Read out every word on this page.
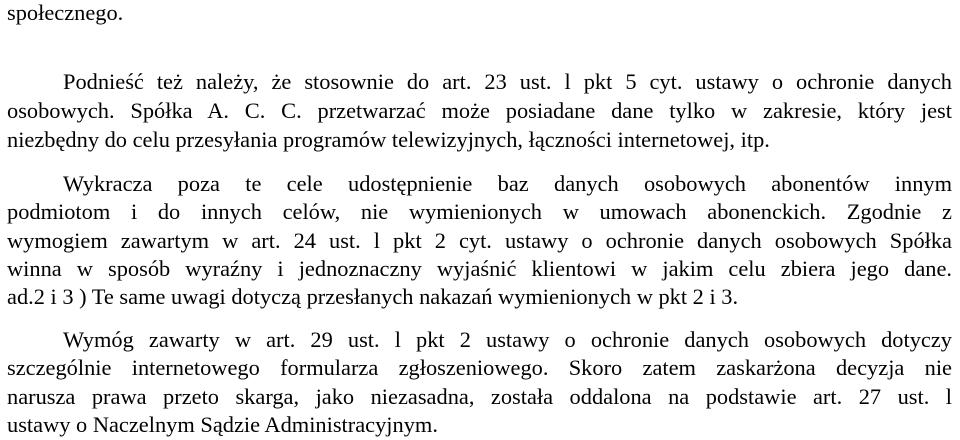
społecznego.
Podnieść też należy, że stosownie do art. 23 ust. l pkt 5 cyt. ustawy o ochronie danych
osobowych. Spółka A. C. C. przetwarzać może posiadane dane tylko w zakresie, który jest
niezbędny do celu przesyłania programów telewizyjnych, łączności internetowej, itp.
Wykracza poza te cele udostępnienie baz danych osobowych abonentów innym
podmiotom i do innych celów, nie wymienionych w umowach abonenckich. Zgodnie z
wymogiem zawartym w art. 24 ust. l pkt 2 cyt. ustawy o ochronie danych osobowych Spółka
winna w sposób wyraźny i jednoznaczny wyjaśnić klientowi w jakim celu zbiera jego dane.
ad.2 i 3 ) Te same uwagi dotyczą przesłanych nakazań wymienionych w pkt 2 i 3.
Wymóg zawarty w art. 29 ust. l pkt 2 ustawy o ochronie danych osobowych dotyczy
szczególnie internetowego formularza zgłoszeniowego. Skoro zatem zaskarżona decyzja nie
narusza prawa przeto skarga, jako niezasadna, została oddalona na podstawie art. 27 ust. l
ustawy o Naczelnym Sądzie Administracyjnym.
